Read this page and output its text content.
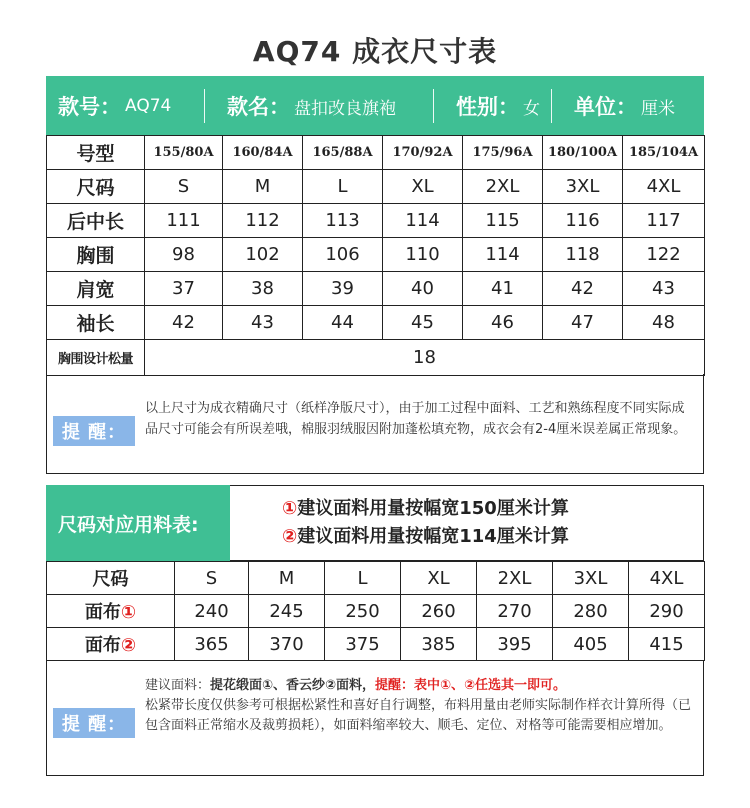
AQ74 成衣尺寸表
款号： AQ74	款名： 盘扣改良旗袍	性别： 女 单位： 厘米
号型	155/80A	160/84A	165/88A	170/92A	175/96A	180/100A	185/104A
尺码	S	M	L	XL	2XL	3XL	4XL
后中长	111	112	113	114	115	116	117
胸围	98	102	106	110	114	118	122
肩宽	37	38	39	40	41	42	43
袖长	42	43	44	45	46	47	48
胸围设计松量	18						
提 醒：
以上尺寸为成衣精确尺寸（纸样净版尺寸），由于加工过程中面料、工艺和熟练程度不同实际成品尺寸可能会有所误差哦，棉服羽绒服因附加蓬松填充物，成衣会有2-4厘米误差属正常现象。
尺码对应用料表:
①建议面料用量按幅宽150厘米计算
②建议面料用量按幅宽114厘米计算
尺码	S	M	L	XL	2XL	3XL	4XL
面布①	240	245	250	260	270	280	290
面布②	365	370	375	385	395	405	415
提 醒：
建议面料：提花缎面①、香云纱②面料，提醒：表中①、②任选其一即可。
松紧带长度仅供参考可根据松紧性和喜好自行调整，布料用量由老师实际制作样衣计算所得（已包含面料正常缩水及裁剪损耗），如面料缩率较大、顺毛、定位、对格等可能需要相应增加。
